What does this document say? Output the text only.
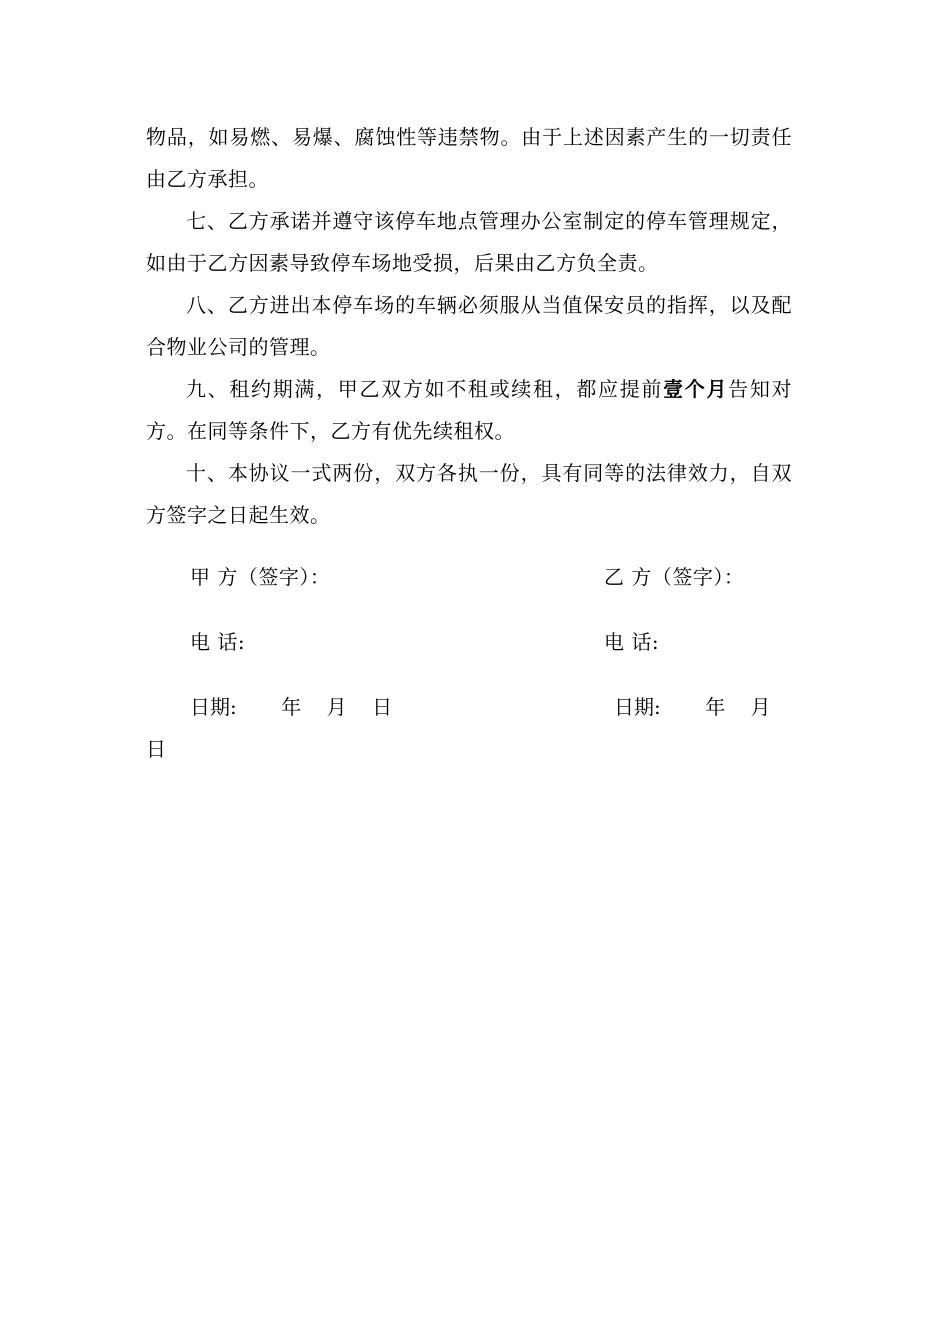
物品，如易燃、易爆、腐蚀性等违禁物。由于上述因素产生的一切责任由乙方承担。

七、乙方承诺并遵守该停车地点管理办公室制定的停车管理规定，如由于乙方因素导致停车场地受损，后果由乙方负全责。

八、乙方进出本停车场的车辆必须服从当值保安员的指挥，以及配合物业公司的管理。

九、租约期满，甲乙双方如不租或续租，都应提前壹个月告知对方。在同等条件下，乙方有优先续租权。

十、本协议一式两份，双方各执一份，具有同等的法律效力，自双方签字之日起生效。

甲 方（签字）：	乙 方（签字）：
电 话:	电 话:
日期:       年    月    日	日期:       年    月
日
